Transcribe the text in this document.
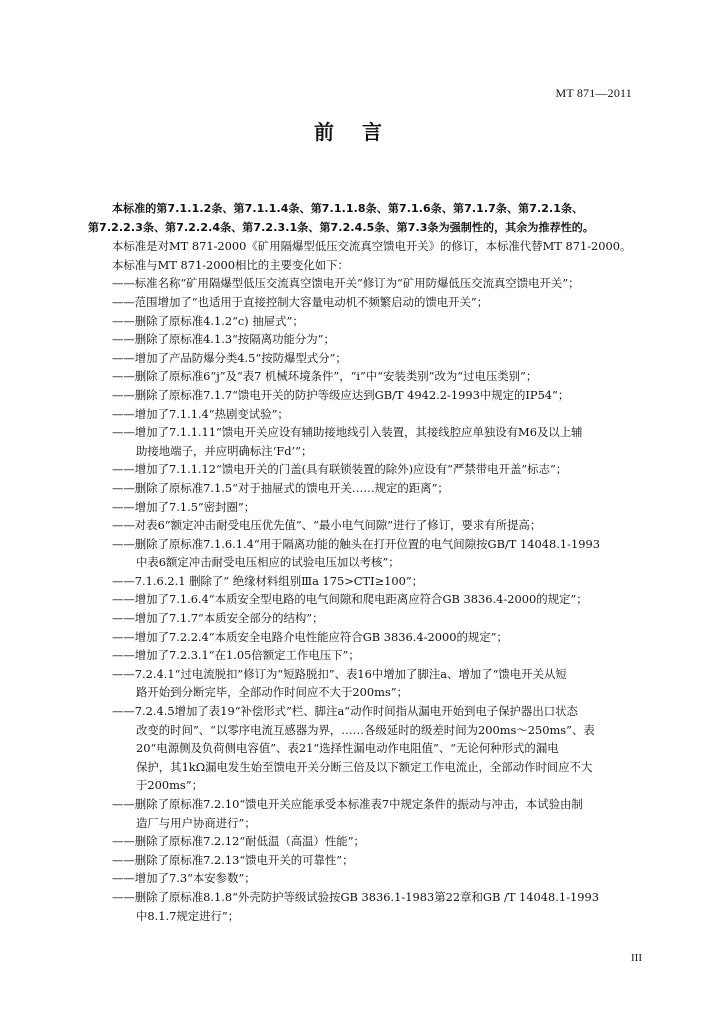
MT 871—2011
前言
本标准的第7.1.1.2条、第7.1.1.4条、第7.1.1.8条、第7.1.6条、第7.1.7条、第7.2.1条、
第7.2.2.3条、第7.2.2.4条、第7.2.3.1条、第7.2.4.5条、第7.3条为强制性的，其余为推荐性的。
本标准是对MT 871-2000《矿用隔爆型低压交流真空馈电开关》的修订，本标准代替MT 871-2000。
本标准与MT 871-2000相比的主要变化如下：
——标准名称“矿用隔爆型低压交流真空馈电开关”修订为“矿用防爆低压交流真空馈电开关”；
——范围增加了“也适用于直接控制大容量电动机不频繁启动的馈电开关”；
——删除了原标准4.1.2“c) 抽屉式”；
——删除了原标准4.1.3“按隔离功能分为”；
——增加了产品防爆分类4.5“按防爆型式分”；
——删除了原标准6“j”及“表7 机械环境条件”，“i”中“安装类别”改为“过电压类别”；
——删除了原标准7.1.7“馈电开关的防护等级应达到GB/T 4942.2-1993中规定的IP54”；
——增加了7.1.1.4“热剧变试验”；
——增加了7.1.1.11“馈电开关应设有辅助接地线引入装置，其接线腔应单独设有M6及以上辅
助接地端子，并应明确标注‘Fd’”；
——增加了7.1.1.12“馈电开关的门盖(具有联锁装置的除外)应设有“严禁带电开盖”标志”；
——删除了原标准7.1.5“对于抽屉式的馈电开关……规定的距离”；
——增加了7.1.5“密封圈”；
——对表6“额定冲击耐受电压优先值”、“最小电气间隙”进行了修订，要求有所提高；
——删除了原标准7.1.6.1.4“用于隔离功能的触头在打开位置的电气间隙按GB/T 14048.1-1993
中表6额定冲击耐受电压相应的试验电压加以考核”；
——7.1.6.2.1 删除了“ 绝缘材料组别Ⅲa 175>CTI≥100”；
——增加了7.1.6.4“本质安全型电路的电气间隙和爬电距离应符合GB 3836.4-2000的规定”；
——增加了7.1.7“本质安全部分的结构”；
——增加了7.2.2.4“本质安全电路介电性能应符合GB 3836.4-2000的规定”；
——增加了7.2.3.1“在1.05倍额定工作电压下”；
——7.2.4.1“过电流脱扣”修订为“短路脱扣”、表16中增加了脚注a、增加了“馈电开关从短
路开始到分断完毕，全部动作时间应不大于200ms”；
——7.2.4.5增加了表19“补偿形式”栏、脚注a“动作时间指从漏电开始到电子保护器出口状态
改变的时间”、“以零序电流互感器为界，……各级延时的级差时间为200ms～250ms”、表
20“电源侧及负荷侧电容值”、表21“选择性漏电动作电阻值”、“无论何种形式的漏电
保护，其1kΩ漏电发生始至馈电开关分断三倍及以下额定工作电流止，全部动作时间应不大
于200ms”；
——删除了原标准7.2.10“馈电开关应能承受本标准表7中规定条件的振动与冲击，本试验由制
造厂与用户协商进行”；
——删除了原标准7.2.12“耐低温（高温）性能”；
——删除了原标准7.2.13“馈电开关的可靠性”；
——增加了7.3“本安参数”；
——删除了原标准8.1.8“外壳防护等级试验按GB 3836.1-1983第22章和GB /T 14048.1-1993
中8.1.7规定进行”；
III
